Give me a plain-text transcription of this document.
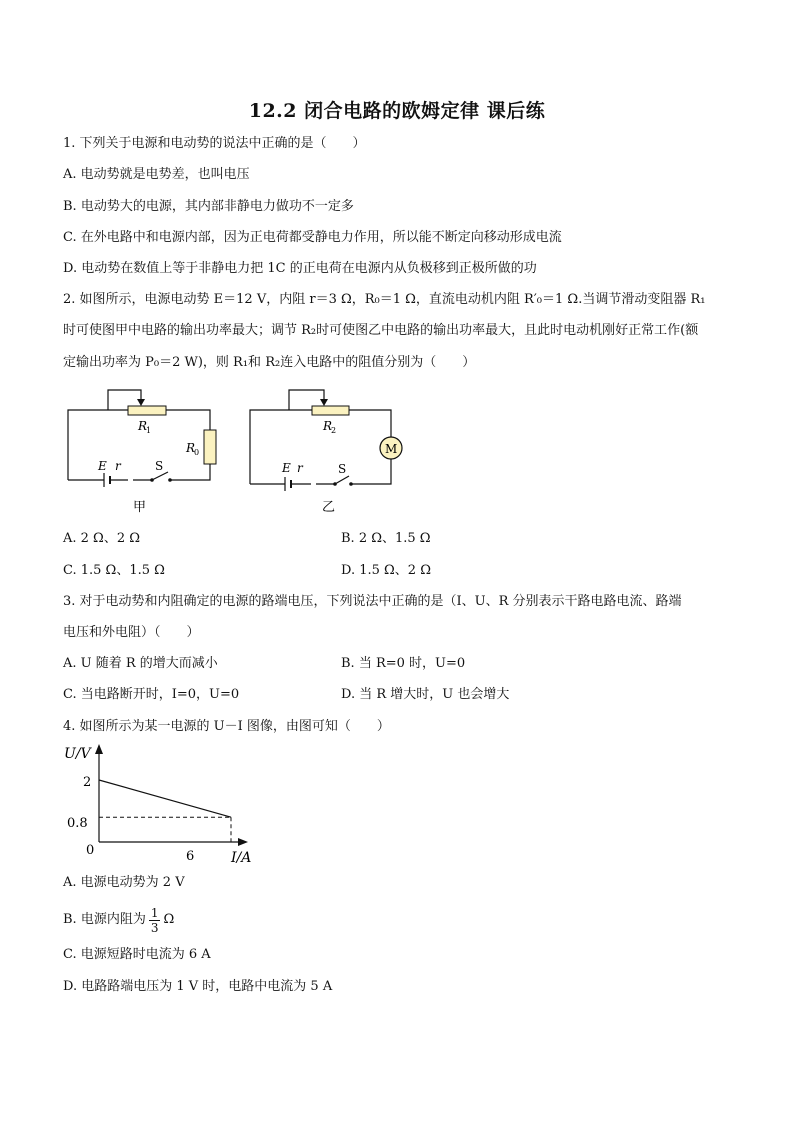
12.2 闭合电路的欧姆定律 课后练
1. 下列关于电源和电动势的说法中正确的是（　　）
A. 电动势就是电势差，也叫电压
B. 电动势大的电源，其内部非静电力做功不一定多
C. 在外电路中和电源内部，因为正电荷都受静电力作用，所以能不断定向移动形成电流
D. 电动势在数值上等于非静电力把 1C 的正电荷在电源内从负极移到正极所做的功
2. 如图所示，电源电动势 E＝12 V，内阻 r＝3 Ω，R₀＝1 Ω，直流电动机内阻 R′₀＝1 Ω.当调节滑动变阻器 R₁
时可使图甲中电路的输出功率最大；调节 R₂时可使图乙中电路的输出功率最大，且此时电动机刚好正常工作(额
定输出功率为 P₀＝2 W)，则 R₁和 R₂连入电路中的阻值分别为（　　）
R
1
R
0
E r	S
甲
M
R
2
E r	S
乙
A. 2 Ω、2 Ω	B. 2 Ω、1.5 Ω
C. 1.5 Ω、1.5 Ω	D. 1.5 Ω、2 Ω
3. 对于电动势和内阻确定的电源的路端电压，下列说法中正确的是（I、U、R 分别表示干路电路电流、路端
电压和外电阻）（　　）
A. U 随着 R 的增大而减小	B. 当 R=0 时，U=0
C. 当电路断开时，I=0，U=0	D. 当 R 增大时，U 也会增大
4. 如图所示为某一电源的 U－I 图像，由图可知（　　）
U/V
I/A
2
0.8
0	6
A. 电源电动势为 2 V
B. 电源内阻为 $\frac{1}{3}$ Ω
C. 电源短路时电流为 6 A
D. 电路路端电压为 1 V 时，电路中电流为 5 A
